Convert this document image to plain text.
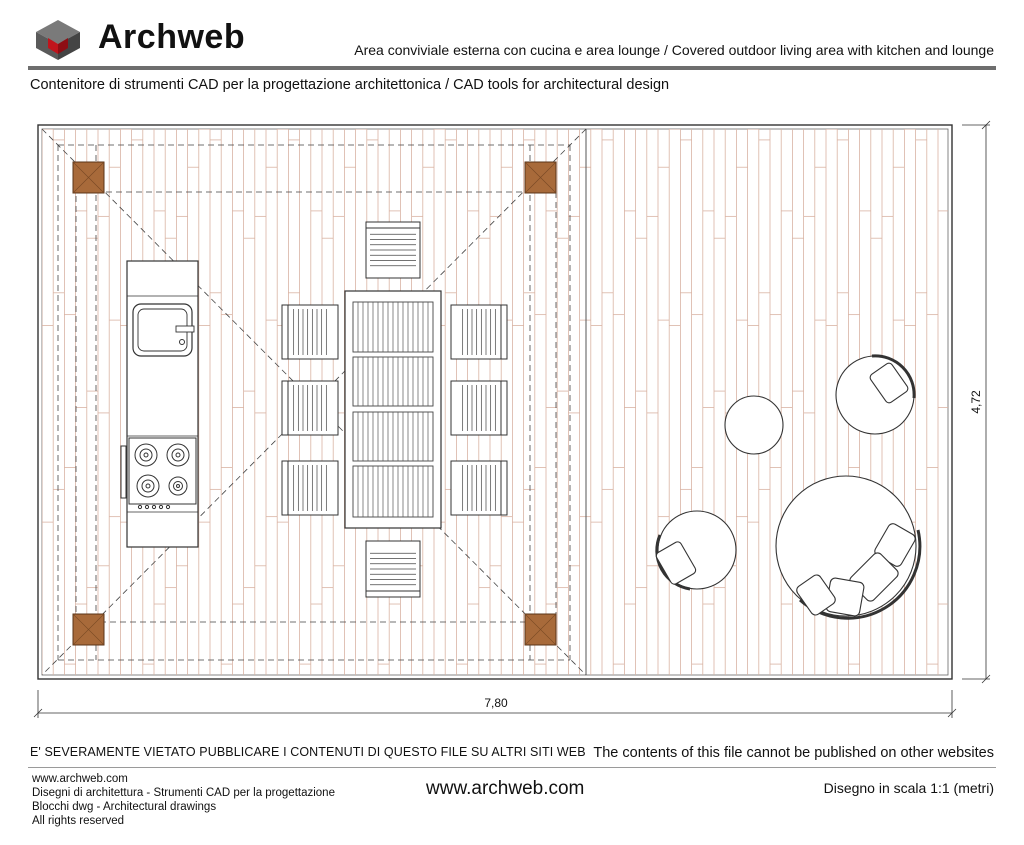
Archweb	Area conviviale esterna con cucina e area lounge / Covered outdoor living area with kitchen and lounge
Contenitore di strumenti CAD per la progettazione architettonica / CAD tools for architectural design
7,80
4,72
E' SEVERAMENTE VIETATO PUBBLICARE I CONTENUTI DI QUESTO FILE SU ALTRI SITI WEB The contents of this file cannot be published on other websites
www.archweb.com
Disegni di architettura - Strumenti CAD per la progettazione
Blocchi dwg - Architectural drawings
All rights reserved
www.archweb.com	Disegno in scala 1:1 (metri)
